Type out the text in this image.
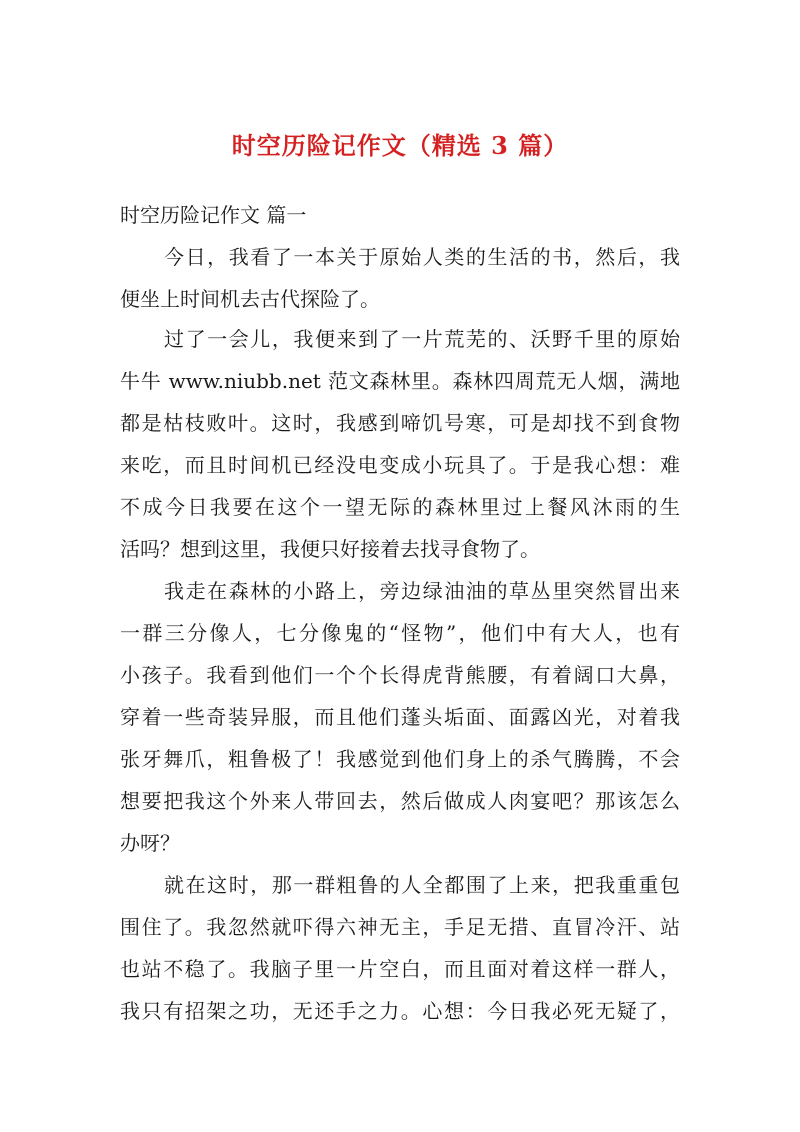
时空历险记作文（精选 3 篇）
时空历险记作文 篇一
今日，我看了一本关于原始人类的生活的书，然后，我
便坐上时间机去古代探险了。
过了一会儿，我便来到了一片荒芜的、沃野千里的原始
牛牛 www.niubb.net 范文森林里。森林四周荒无人烟，满地
都是枯枝败叶。这时，我感到啼饥号寒，可是却找不到食物
来吃，而且时间机已经没电变成小玩具了。于是我心想：难
不成今日我要在这个一望无际的森林里过上餐风沐雨的生
活吗？想到这里，我便只好接着去找寻食物了。
我走在森林的小路上，旁边绿油油的草丛里突然冒出来
一群三分像人，七分像鬼的“怪物”，他们中有大人，也有
小孩子。我看到他们一个个长得虎背熊腰，有着阔口大鼻，
穿着一些奇装异服，而且他们蓬头垢面、面露凶光，对着我
张牙舞爪，粗鲁极了！我感觉到他们身上的杀气腾腾，不会
想要把我这个外来人带回去，然后做成人肉宴吧？那该怎么
办呀？
就在这时，那一群粗鲁的人全都围了上来，把我重重包
围住了。我忽然就吓得六神无主，手足无措、直冒冷汗、站
也站不稳了。我脑子里一片空白，而且面对着这样一群人，
我只有招架之功，无还手之力。心想：今日我必死无疑了，
